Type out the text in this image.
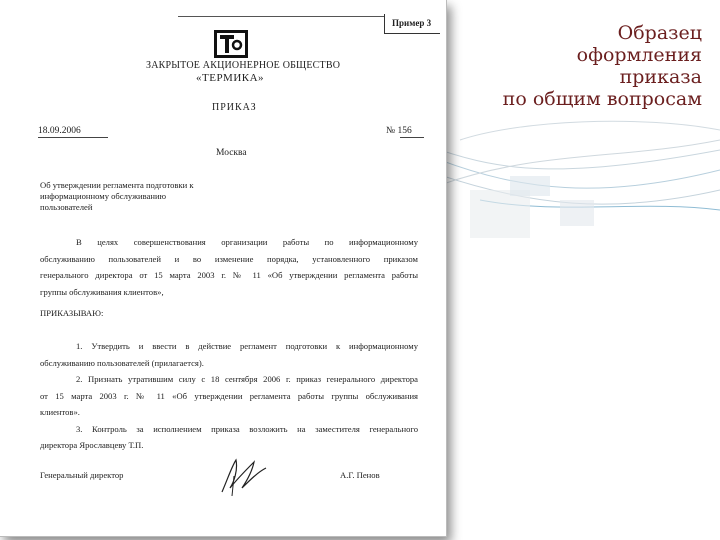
Образец
оформления
приказа
по общим вопросам
Пример 3
ЗАКРЫТОЕ АКЦИОНЕРНОЕ ОБЩЕСТВО
«ТЕРМИКА»
ПРИКАЗ
18.09.2006	№ 156
Москва
Об утверждении регламента подготовки к
информационному обслуживанию
пользователей
В целях совершенствования организации работы по информационному
обслуживанию пользователей и во изменение порядка, установленного приказом
генерального директора от 15 марта 2003 г. № 11 «Об утверждении регламента работы
группы обслуживания клиентов»,
ПРИКАЗЫВАЮ:
1. Утвердить и ввести в действие регламент подготовки к информационному
обслуживанию пользователей (прилагается).
2. Признать утратившим силу с 18 сентября 2006 г. приказ генерального директора
от 15 марта 2003 г. № 11 «Об утверждении регламента работы группы обслуживания
клиентов».
3. Контроль за исполнением приказа возложить на заместителя генерального
директора Ярославцеву Т.П.
Генеральный директор	А.Г. Пенов
